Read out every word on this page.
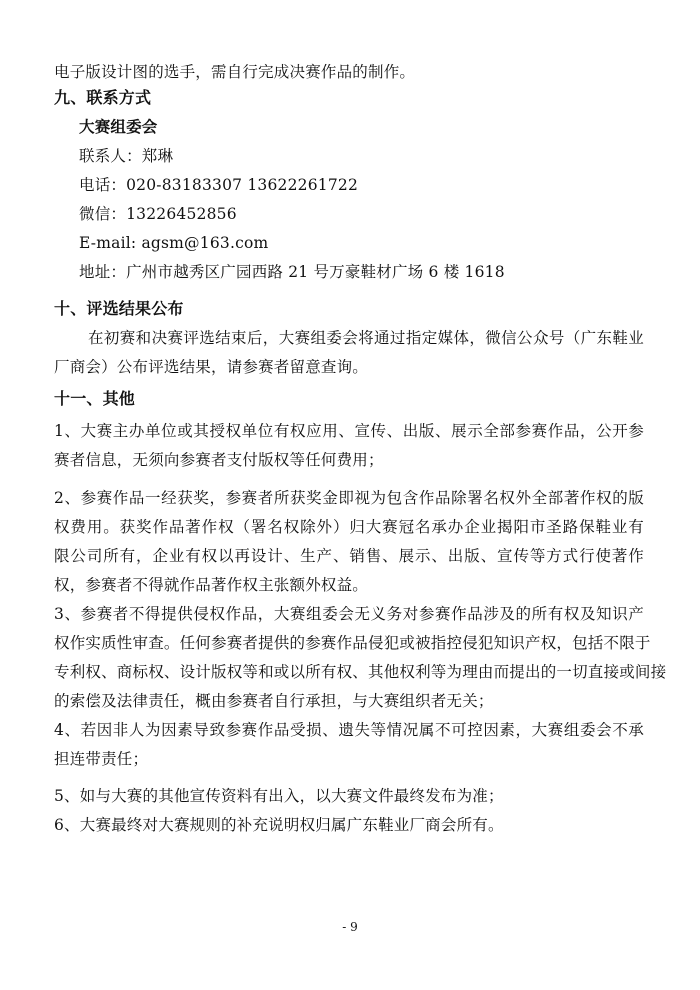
电子版设计图的选手，需自行完成决赛作品的制作。
九、联系方式
大赛组委会
联系人：郑琳
电话：020-83183307 13622261722
微信：13226452856
E-mail: agsm@163.com
地址：广州市越秀区广园西路 21 号万豪鞋材广场 6 楼 1618
十、评选结果公布
在初赛和决赛评选结束后，大赛组委会将通过指定媒体，微信公众号（广东鞋业
厂商会）公布评选结果，请参赛者留意查询。
十一、其他
1、大赛主办单位或其授权单位有权应用、宣传、出版、展示全部参赛作品，公开参
赛者信息，无须向参赛者支付版权等任何费用；
2、参赛作品一经获奖，参赛者所获奖金即视为包含作品除署名权外全部著作权的版
权费用。获奖作品著作权（署名权除外）归大赛冠名承办企业揭阳市圣路保鞋业有
限公司所有，企业有权以再设计、生产、销售、展示、出版、宣传等方式行使著作
权，参赛者不得就作品著作权主张额外权益。
3、参赛者不得提供侵权作品，大赛组委会无义务对参赛作品涉及的所有权及知识产
权作实质性审查。任何参赛者提供的参赛作品侵犯或被指控侵犯知识产权，包括不限于
专利权、商标权、设计版权等和或以所有权、其他权利等为理由而提出的一切直接或间接
的索偿及法律责任，概由参赛者自行承担，与大赛组织者无关；
4、若因非人为因素导致参赛作品受损、遗失等情况属不可控因素，大赛组委会不承
担连带责任；
5、如与大赛的其他宣传资料有出入，以大赛文件最终发布为准；
6、大赛最终对大赛规则的补充说明权归属广东鞋业厂商会所有。
- 9
